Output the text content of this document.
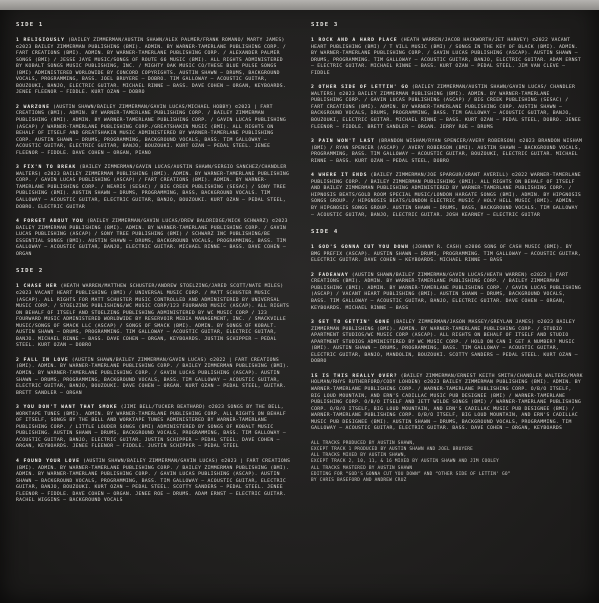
SIDE 1

1 RELIGIOUSLY (BAILEY ZIMMERMAN/AUSTIN SHAWN/ALEX PALMER/FRANK ROMANO/ MARTY JAMES) ©2023 BAILEY ZIMMERMAN PUBLISHING (BMI). ADMIN. BY WARNER-TAMERLANE PUBLISHING CORP. / FART CREATIONS (BMI). ADMIN. BY WARNER-TAMERLANE PUBLISHING CORP. / ALEXANDER PALMER SONGS (BMI) / JESSE JAYE MUSIC/SONGS OF ROUTE 66 MUSIC (BMI). ALL RIGHTS ADMINISTERED BY KOBALT SONGS MUSIC PUBLISHING, INC. / MIGHTY OAK MUSIC CO/THESE BLUE PULSE SONGS (BMI) ADMINISTERED WORLDWIDE BY CONCORD COPYRIGHTS. AUSTIN SHAWN – DRUMS, BACKGROUND VOCALS, PROGRAMMING, BASS. JOEL BRUYERE – DOBRO. TIM GALLOWAY – ACOUSTIC GUITAR, BOUZOUKI, BANJO, ELECTRIC GUITAR. MICHAEL RINNE – BASS. DAVE COHEN – ORGAN, KEYBOARDS. JENEE FLEENOR – FIDDLE. KURT OZAN – DOBRO

2 WARZONE (AUSTIN SHAWN/BAILEY ZIMMERMAN/GAVIN LUCAS/MICHAEL HOBBY) ©2023 | FART CREATIONS (BMI). ADMIN. BY WARNER-TAMERLANE PUBLISHING CORP. / BAILEY ZIMMERMAN PUBLISHING (BMI). ADMIN. BY WARNER-TAMERLANE PUBLISHING CORP. / GAVIN LUCAS PUBLISHING (ASCAP) / WARNER-TAMERLANE PUBLISHING CORP./GREATSHAKIN MUSIC (BMI). ALL RIGHTS ON BEHALF OF ITSELF AND GREATSHAKIN MUSIC ADMINISTERED BY WARNER-TAMERLANE PUBLISHING CORP. AUSTIN SHAWN – DRUMS, PROGRAMMING, BACKGROUND VOCALS, BASS. TIM GALLOWAY – ACOUSTIC GUITAR, ELECTRIC GUITAR, BANJO, BOUZOUKI. KURT OZAN – PEDAL STEEL. JENEE FLEENOR – FIDDLE. DAVE COHEN – ORGAN, PIANO

3 FIX'N TO BREAK (BAILEY ZIMMERMAN/GAVIN LUCAS/AUSTIN SHAWN/SERGIO SANCHEZ/CHANDLER WALTERS) ©2023 BAILEY ZIMMERMAN PUBLISHING (BMI). ADMIN. BY WARNER-TAMERLANE PUBLISHING CORP. / GAVIN LUCAS PUBLISHING (ASCAP) / FART CREATIONS (BMI). ADMIN. BY WARNER-TAMERLANE PUBLISHING CORP. / NEARIS (SESAC) / BIG CREEK PUBLISHING (SESAC) / SONY TREE PUBLISHING (BMI). AUSTIN SHAWN – DRUMS, PROGRAMMING, BASS, BACKGROUND VOCALS. TIM GALLOWAY – ACOUSTIC GUITAR, ELECTRIC GUITAR, BANJO, BOUZOUKI. KURT OZAN – PEDAL STEEL, DOBRO. ELECTRIC GUITAR

4 FORGET ABOUT YOU (BAILEY ZIMMERMAN/GAVIN LUCAS/DREW BALDRIDGE/NICK SCHWARZ) ©2023 BAILEY ZIMMERMAN PUBLISHING (BMI). ADMIN. BY WARNER-TAMERLANE PUBLISHING CORP. / GAVIN LUCAS PUBLISHING (ASCAP) / SONY TREE PUBLISHING (BMI) / SCHWARZ INC PUBLISHING/BE ESSENTIAL SONGS (BMI). AUSTIN SHAWN – DRUMS, BACKGROUND VOCALS, PROGRAMMING, BASS. TIM GALLOWAY – ACOUSTIC GUITAR, BANJO, ELECTRIC GUITAR. MICHAEL RINNE – BASS. DAVE COHEN – ORGAN

SIDE 2

1 CHASE HER (HEATH WARREN/MATTHEW SCHUSTER/ANDREW STOELZING/JARED SCOTT/NATE MILES) ©2023 VACANT HEART PUBLISHING (BMI) / UNIVERSAL MUSIC CORP. / MATT SCHUSTER MUSIC (ASCAP). ALL RIGHTS FOR MATT SCHUSTER MUSIC CONTROLLED AND ADMINISTERED BY UNIVERSAL MUSIC CORP. / STOELZING PUBLISHING/WC MUSIC CORP/123 FOURWARD MUSIC (ASCAP). ALL RIGHTS ON BEHALF OF ITSELF AND STOELZING PUBLISHING ADMINISTERED BY WC MUSIC CORP / 123 FOURWARD MUSIC ADMINISTERED WORLDWIDE BY RESERVOIR MEDIA MANAGEMENT, INC. / SMACKVILLE MUSIC/SONGS OF SMACK LLC (ASCAP) / SONGS OF SMACK (BMI). ADMIN. BY SONGS OF KOBALT. AUSTIN SHAWN – DRUMS, PROGRAMMING. TIM GALLOWAY – ACOUSTIC GUITAR, ELECTRIC GUITAR, BANJO. MICHAEL RINNE – BASS. DAVE COHEN – ORGAN, KEYBOARDS. JUSTIN SCHIPPER – PEDAL STEEL. KURT OZAN – DOBRO

2 FALL IN LOVE (AUSTIN SHAWN/BAILEY ZIMMERMAN/GAVIN LUCAS) ©2022 | FART CREATIONS (BMI). ADMIN. BY WARNER-TAMERLANE PUBLISHING CORP. / BAILEY ZIMMERMAN PUBLISHING (BMI). ADMIN. BY WARNER-TAMERLANE PUBLISHING CORP. / GAVIN LUCAS PUBLISHING (ASCAP). AUSTIN SHAWN – DRUMS, PROGRAMMING, BACKGROUND VOCALS, BASS. TIM GALLOWAY – ACOUSTIC GUITAR, ELECTRIC GUITAR, BANJO, BOUZOUKI. DAVE COHEN – ORGAN. KURT OZAN – PEDAL STEEL, GUITAR. BRETT SANDLER – ORGAN

3 YOU DON'T WANT THAT SMOKE (JIMI BELL/TUCKER BEATHARD) ©2023 SONGS BY THE BELL, WORKTAPE TUNES (BMI). ADMIN. BY WARNER-TAMERLANE PUBLISHING CORP. ALL RIGHTS ON BEHALF OF ITSELF, SONGS BY THE BELL AND WORKTAPE TUNES ADMINISTERED BY WARNER-TAMERLANE PUBLISHING CORP. / LITTLE LOUDER SONGS (BMI) ADMINISTERED BY SONGS OF KOBALT MUSIC PUBLISHING. AUSTIN SHAWN – DRUMS, BACKGROUND VOCALS, PROGRAMMING, BASS. TIM GALLOWAY – ACOUSTIC GUITAR, BANJO, ELECTRIC GUITAR. JUSTIN SCHIPPER – PEDAL STEEL. DAVE COHEN – ORGAN, KEYBOARDS. JENEE FLEENOR – FIDDLE. JUSTIN SCHIPPER – PEDAL STEEL

4 FOUND YOUR LOVE (AUSTIN SHAWN/BAILEY ZIMMERMAN/GAVIN LUCAS) ©2023 | FART CREATIONS (BMI). ADMIN. BY WARNER-TAMERLANE PUBLISHING CORP. / BAILEY ZIMMERMAN PUBLISHING (BMI). ADMIN. BY WARNER-TAMERLANE PUBLISHING CORP. / GAVIN LUCAS PUBLISHING (ASCAP). AUSTIN SHAWN – BACKGROUND VOCALS, PROGRAMMING, BASS. TIM GALLOWAY – ACOUSTIC GUITAR, ELECTRIC GUITAR, BANJO, BOUZOUKI. KURT OZAN – PEDAL STEEL. SCOTTY SANDERS – PEDAL STEEL. JENEE FLEENOR – FIDDLE. DAVE COHEN – ORGAN. JENEE ROE – DRUMS. ADAM ERNST – ELECTRIC GUITAR. RACHEL WIGGINS – BACKGROUND VOCALS

SIDE 3

1 ROCK AND A HARD PLACE (HEATH WARREN/JACOB HACKWORTH/JET HARVEY) ©2022 VACANT HEART PUBLISHING (BMI) / T VILL MUSIC (BMI) / SONGS IN THE KEY OF BLACK (BMI). ADMIN. BY WARNER-TAMERLANE PUBLISHING CORP. / GAVIN LUCAS PUBLISHING (ASCAP). AUSTIN SHAWN – DRUMS, PROGRAMMING. TIM GALLOWAY – ACOUSTIC GUITAR, BANJO, ELECTRIC GUITAR. ADAM ERNST – ELECTRIC GUITAR. MICHAEL RINNE – BASS. KURT OZAN – PEDAL STEEL. JIM VAN CLEVE – FIDDLE

2 OTHER SIDE OF LETTIN' GO (BAILEY ZIMMERMAN/AUSTIN SHAWN/GAVIN LUCAS/ CHANDLER WALTERS) ©2023 BAILEY ZIMMERMAN PUBLISHING (BMI). ADMIN. BY WARNER-TAMERLANE PUBLISHING CORP. / GAVIN LUCAS PUBLISHING (ASCAP) / BIG CREEK PUBLISHING (SESAC) / FART CREATIONS (BMI). ADMIN. BY WARNER-TAMERLANE PUBLISHING CORP. AUSTIN SHAWN – BACKGROUND VOCALS, DRUMS, PROGRAMMING, BASS. TIM GALLOWAY – ACOUSTIC GUITAR, BANJO, BOUZOUKI, ELECTRIC GUITAR. MICHAEL RINNE – BASS. KURT OZAN – PEDAL STEEL, DOBRO. JENEE FLEENOR – FIDDLE. BRETT SANDLER – ORGAN. JERRY ROE – DRUMS

3 PAIN WON'T LAST (BRANDON WISHAM/RYAN SPENCER/AVERY ROBERSON) ©2023 BRANDON WISHAM (BMI) / RYAN SPENCER (ASCAP) / AVERY ROBERSON (BMI). AUSTIN SHAWN – BACKGROUND VOCALS, PROGRAMMING, BASS. TIM GALLOWAY – ACOUSTIC GUITAR, BOUZOUKI, ELECTRIC GUITAR. MICHAEL RINNE – BASS. KURT OZAN – PEDAL STEEL, DOBRO

4 WHERE IT ENDS (BAILEY ZIMMERMAN/JOE SPARGUR/GRANT AVERILL) ©2022 WARNER-TAMERLANE PUBLISHING CORP. / BAILEY ZIMMERMAN PUBLISHING (BMI). ALL RIGHTS ON BEHALF OF ITSELF AND BAILEY ZIMMERMAN PUBLISHING ADMINISTERED BY WARNER-TAMERLANE PUBLISHING CORP. / HIPNOSIS BEATS/GOLD ROOM SPECIAL MUSIC/LONDON HARGATE SONGS (BMI). ADMIN. BY HIPGNOSIS SONGS GROUP. / HIPGNOSIS BEATS/LONDON ELECTRIC MUSIC / HOLY HELL MUSIC (BMI). ADMIN. BY HIPGNOSIS SONGS GROUP. AUSTIN SHAWN – DRUMS, BASS, BACKGROUND VOCALS. TIM GALLOWAY – ACOUSTIC GUITAR, BANJO, ELECTRIC GUITAR. JOSH KEARNEY – ELECTRIC GUITAR

SIDE 4

1 GOD'S GONNA CUT YOU DOWN (JOHNNY R. CASH) ©2006 SONG OF CASH MUSIC (BMI). BY BMG PREFIX (ASCAP). AUSTIN SHAWN – DRUMS, PROGRAMMING. TIM GALLOWAY – ACOUSTIC GUITAR, ELECTRIC GUITAR. DAVE COHEN – KEYBOARDS. MICHAEL RINNE – BASS

2 FADEAWAY (AUSTIN SHAWN/BAILEY ZIMMERMAN/GAVIN LUCAS/HEATH WARREN) ©2023 | FART CREATIONS (BMI). ADMIN. BY WARNER-TAMERLANE PUBLISHING CORP. / BAILEY ZIMMERMAN PUBLISHING (BMI). ADMIN. BY WARNER-TAMERLANE PUBLISHING CORP. / GAVIN LUCAS PUBLISHING (ASCAP) / VACANT HEART PUBLISHING (BMI). AUSTIN SHAWN – DRUMS, BACKGROUND VOCALS, BASS. TIM GALLOWAY – ACOUSTIC GUITAR, BANJO, ELECTRIC GUITAR. DAVE COHEN – ORGAN, KEYBOARDS. MICHAEL RINNE – BASS

3 GET TO GETTIN' GONE (BAILEY ZIMMERMAN/JASON MASSEY/GREYLAN JAMES) ©2023 BAILEY ZIMMERMAN PUBLISHING (BMI). ADMIN. BY WARNER-TAMERLANE PUBLISHING CORP. / STUDIO APARTMENT STUDIOS/WC MUSIC CORP (ASCAP). ALL RIGHTS ON BEHALF OF ITSELF AND STUDIO APARTMENT STUDIOS ADMINISTERED BY WC MUSIC CORP. / HOLD ON CAN I GET A NUMBER? MUSIC (BMI). AUSTIN SHAWN – DRUMS, PROGRAMMING, BASS. TIM GALLOWAY – ACOUSTIC GUITAR, ELECTRIC GUITAR, BANJO, MANDOLIN, BOUZOUKI. SCOTTY SANDERS – PEDAL STEEL. KURT OZAN – DOBRO

15 IS THIS REALLY OVER? (BAILEY ZIMMERMAN/ERNEST KEITH SMITH/CHANDLER WALTERS/MARK HOLMAN/RHYS RUTHERFORD/CODY LOHDEN) ©2023 BAILEY ZIMMERMAN PUBLISHING (BMI). ADMIN. BY WARNER-TAMERLANE PUBLISHING CORP. / WARNER-TAMERLANE PUBLISHING CORP. O/B/O ITSELF, BIG LOUD MOUNTAIN, AND ERN'S CADILLAC MUSIC PUB DESIGNEE (BMI) / WARNER-TAMERLANE PUBLISHING CORP. O/B/O ITSELF AND JETT WILDE SONGS (BMI) / WARNER-TAMERLANE PUBLISHING CORP. O/B/O ITSELF, BIG LOUD MOUNTAIN, AND ERN'S CADILLAC MUSIC PUB DESIGNEE (BMI) / WARNER-TAMERLANE PUBLISHING CORP. O/B/O ITSELF, BIG LOUD MOUNTAIN, AND ERN'S CADILLAC MUSIC PUB DESIGNEE (BMI). AUSTIN SHAWN – DRUMS, BACKGROUND VOCALS, PROGRAMMING. TIM GALLOWAY – ACOUSTIC GUITAR, ELECTRIC GUITAR. BASS. DAVE COHEN – ORGAN, KEYBOARDS

ALL TRACKS PRODUCED BY AUSTIN SHAWN,

EXCEPT TRACK 1 PRODUCED BY AUSTIN SHAWN AND JOEL BRUYERE

ALL TRACKS MIXED BY AUSTIN SHAWN,

EXCEPT TRACK 2, 10, 11, & 16 MIXED BY AUSTIN SHAWN AND JIM COOLEY

ALL TRACKS MASTERED BY AUSTIN SHAWN

EDITING FOR “GOD'S GONNA CUT YOU DOWN” AND “OTHER SIDE OF LETTIN' GO”

BY CHRIS BASEFORD AND ANDREW CRUZ
